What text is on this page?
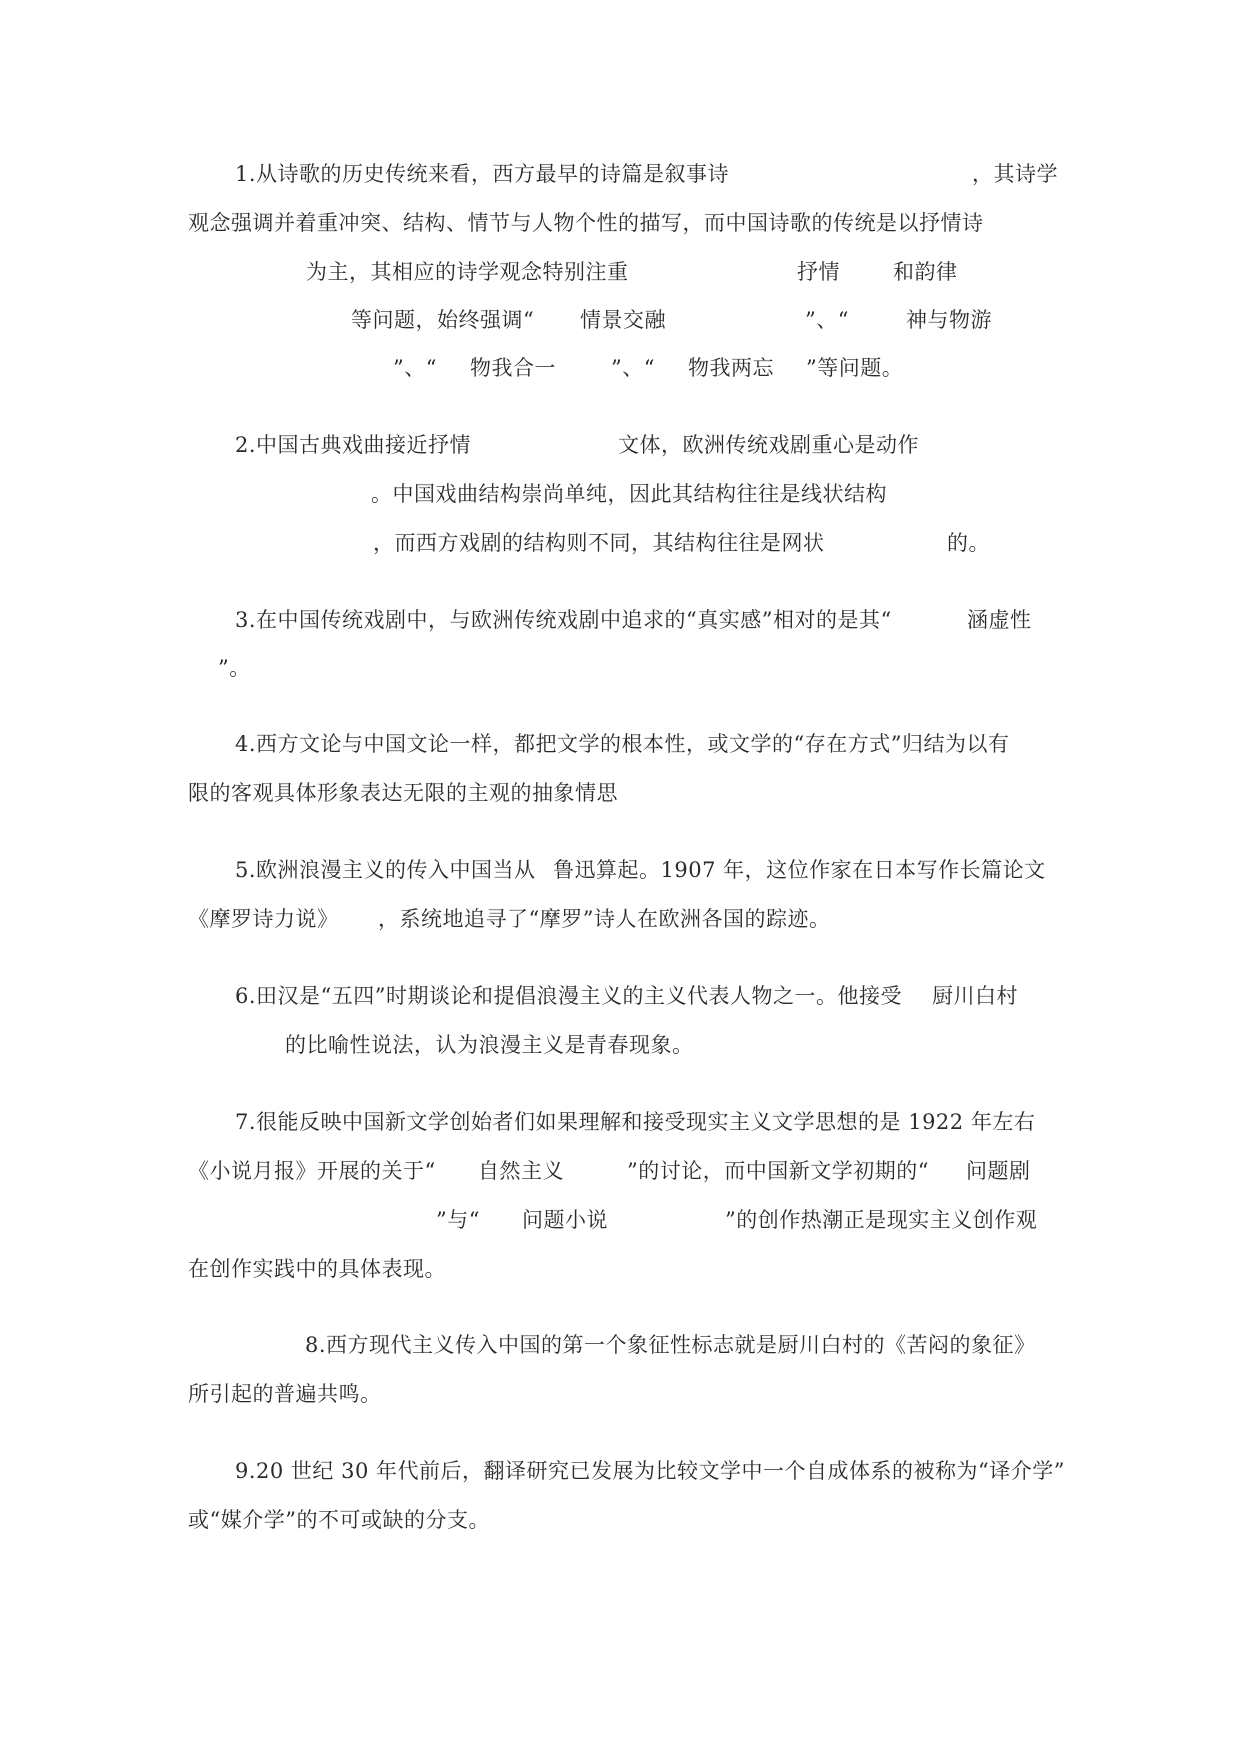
1.从诗歌的历史传统来看，西方最早的诗篇是叙事诗	，其诗学
观念强调并着重冲突、结构、情节与人物个性的描写，而中国诗歌的传统是以抒情诗
为主，其相应的诗学观念特别注重	抒情	和韵律
等问题，始终强调“ 情景交融	”、“	神与物游
”、“ 物我合一	”、“ 物我两忘 ”等问题。
2.中国古典戏曲接近抒情	文体，欧洲传统戏剧重心是动作
。中国戏曲结构崇尚单纯，因此其结构往往是线状结构
，而西方戏剧的结构则不同，其结构往往是网状	的。
3.在中国传统戏剧中，与欧洲传统戏剧中追求的“真实感”相对的是其“	涵虚性
”。
4.西方文论与中国文论一样，都把文学的根本性，或文学的“存在方式”归结为以有
限的客观具体形象表达无限的主观的抽象情思
5.欧洲浪漫主义的传入中国当从 鲁迅算起。1907 年，这位作家在日本写作长篇论文
《摩罗诗力说》 ，系统地追寻了“摩罗”诗人在欧洲各国的踪迹。
6.田汉是“五四”时期谈论和提倡浪漫主义的主义代表人物之一。他接受 厨川白村
的比喻性说法，认为浪漫主义是青春现象。
7.很能反映中国新文学创始者们如果理解和接受现实主义文学思想的是 1922 年左右
《小说月报》开展的关于“ 自然主义	”的讨论，而中国新文学初期的“ 问题剧
”与“ 问题小说	”的创作热潮正是现实主义创作观
在创作实践中的具体表现。
8.西方现代主义传入中国的第一个象征性标志就是厨川白村的《苦闷的象征》
所引起的普遍共鸣。
9.20 世纪 30 年代前后，翻译研究已发展为比较文学中一个自成体系的被称为“译介学”
或“媒介学”的不可或缺的分支。
